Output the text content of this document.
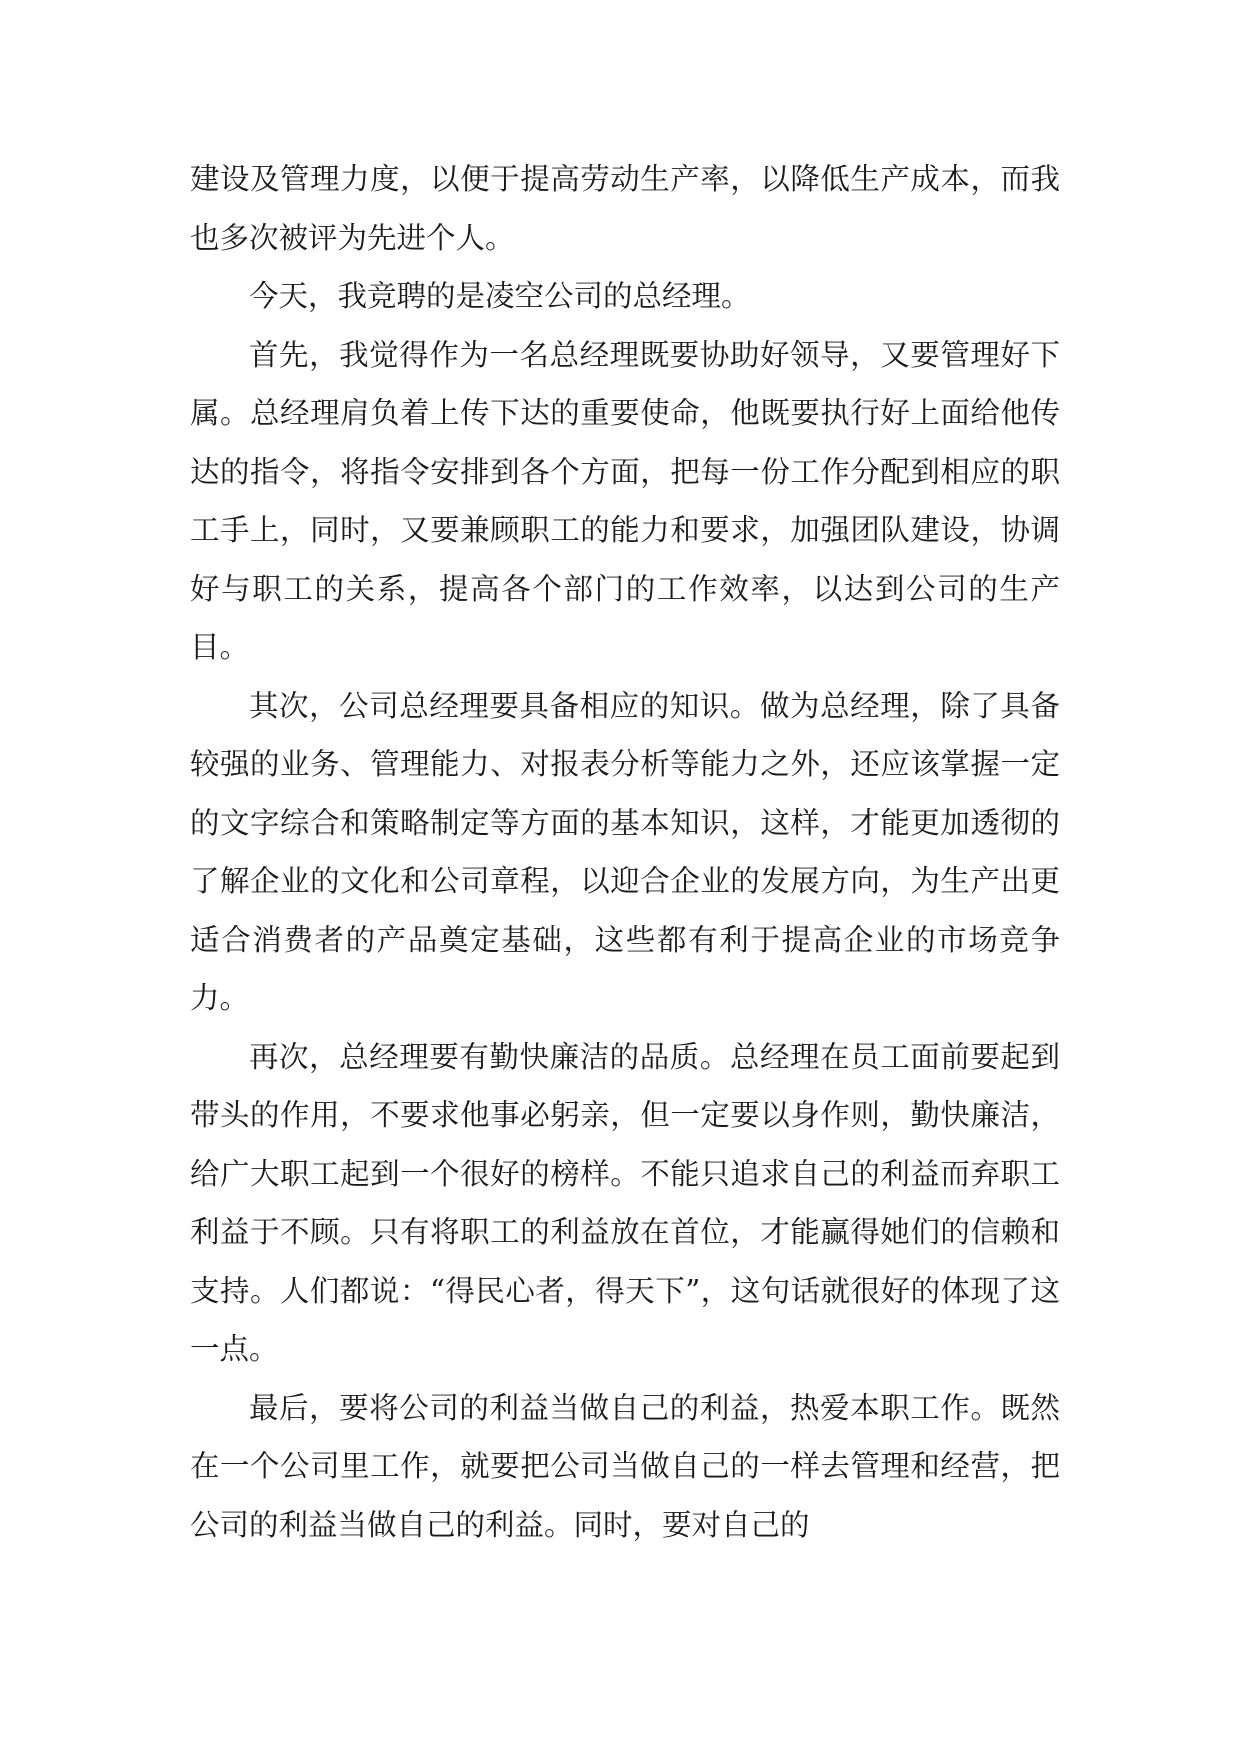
建设及管理力度，以便于提高劳动生产率，以降低生产成本，而我也多次被评为先进个人。

今天，我竞聘的是凌空公司的总经理。

首先，我觉得作为一名总经理既要协助好领导，又要管理好下属。总经理肩负着上传下达的重要使命，他既要执行好上面给他传达的指令，将指令安排到各个方面，把每一份工作分配到相应的职工手上，同时，又要兼顾职工的能力和要求，加强团队建设，协调好与职工的关系，提高各个部门的工作效率，以达到公司的生产目。

其次，公司总经理要具备相应的知识。做为总经理，除了具备较强的业务、管理能力、对报表分析等能力之外，还应该掌握一定的文字综合和策略制定等方面的基本知识，这样，才能更加透彻的了解企业的文化和公司章程，以迎合企业的发展方向，为生产出更适合消费者的产品奠定基础，这些都有利于提高企业的市场竞争力。

再次，总经理要有勤快廉洁的品质。总经理在员工面前要起到带头的作用，不要求他事必躬亲，但一定要以身作则，勤快廉洁，给广大职工起到一个很好的榜样。不能只追求自己的利益而弃职工利益于不顾。只有将职工的利益放在首位，才能赢得她们的信赖和支持。人们都说：“得民心者，得天下”，这句话就很好的体现了这一点。

最后，要将公司的利益当做自己的利益，热爱本职工作。既然在一个公司里工作，就要把公司当做自己的一样去管理和经营，把公司的利益当做自己的利益。同时，要对自己的
